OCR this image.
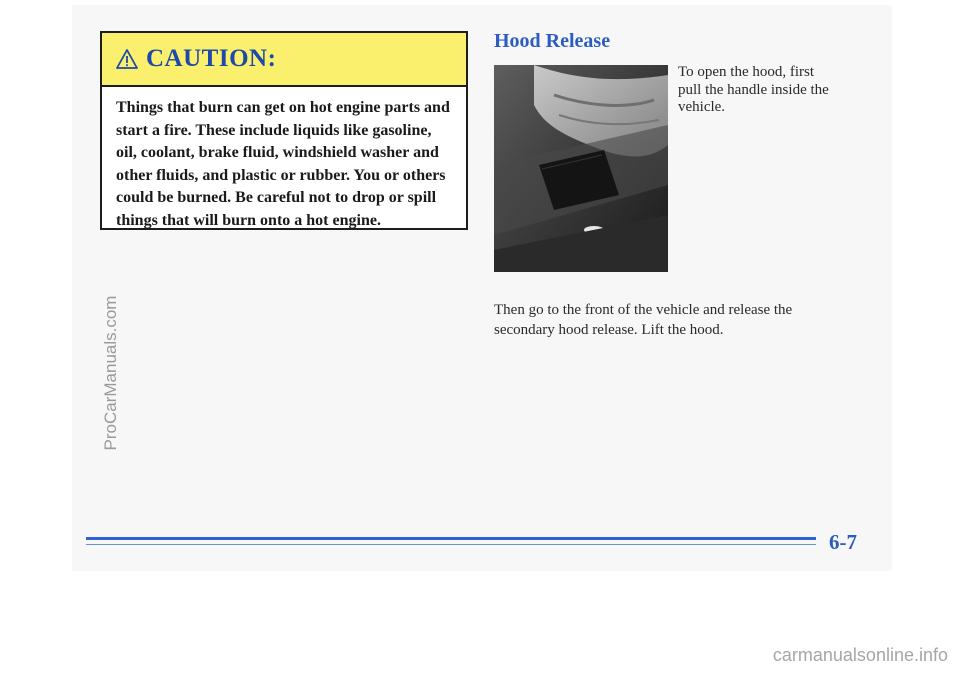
CAUTION:

Things that burn can get on hot engine parts and start a fire. These include liquids like gasoline, oil, coolant, brake fluid, windshield washer and other fluids, and plastic or rubber. You or others could be burned. Be careful not to drop or spill things that will burn onto a hot engine.

Hood Release

To open the hood, first pull the handle inside the vehicle.

Then go to the front of the vehicle and release the secondary hood release. Lift the hood.

6-7

ProCarManuals.com
carmanualsonline.info
